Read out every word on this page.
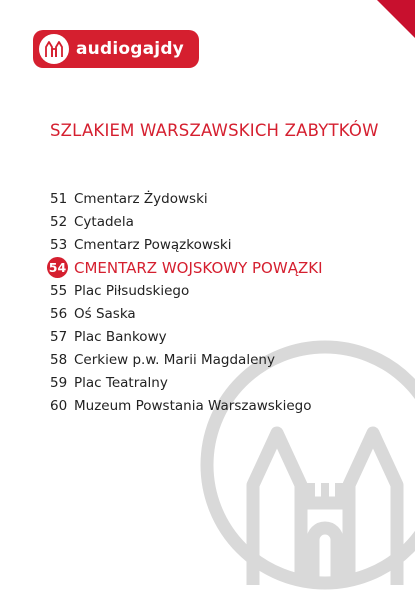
audiogajdy
SZLAKIEM WARSZAWSKICH ZABYTKÓW
51 Cmentarz Żydowski
52 Cytadela
53 Cmentarz Powązkowski
54 CMENTARZ WOJSKOWY POWĄZKI
55 Plac Piłsudskiego
56 Oś Saska
57 Plac Bankowy
58 Cerkiew p.w. Marii Magdaleny
59 Plac Teatralny
60 Muzeum Powstania Warszawskiego
